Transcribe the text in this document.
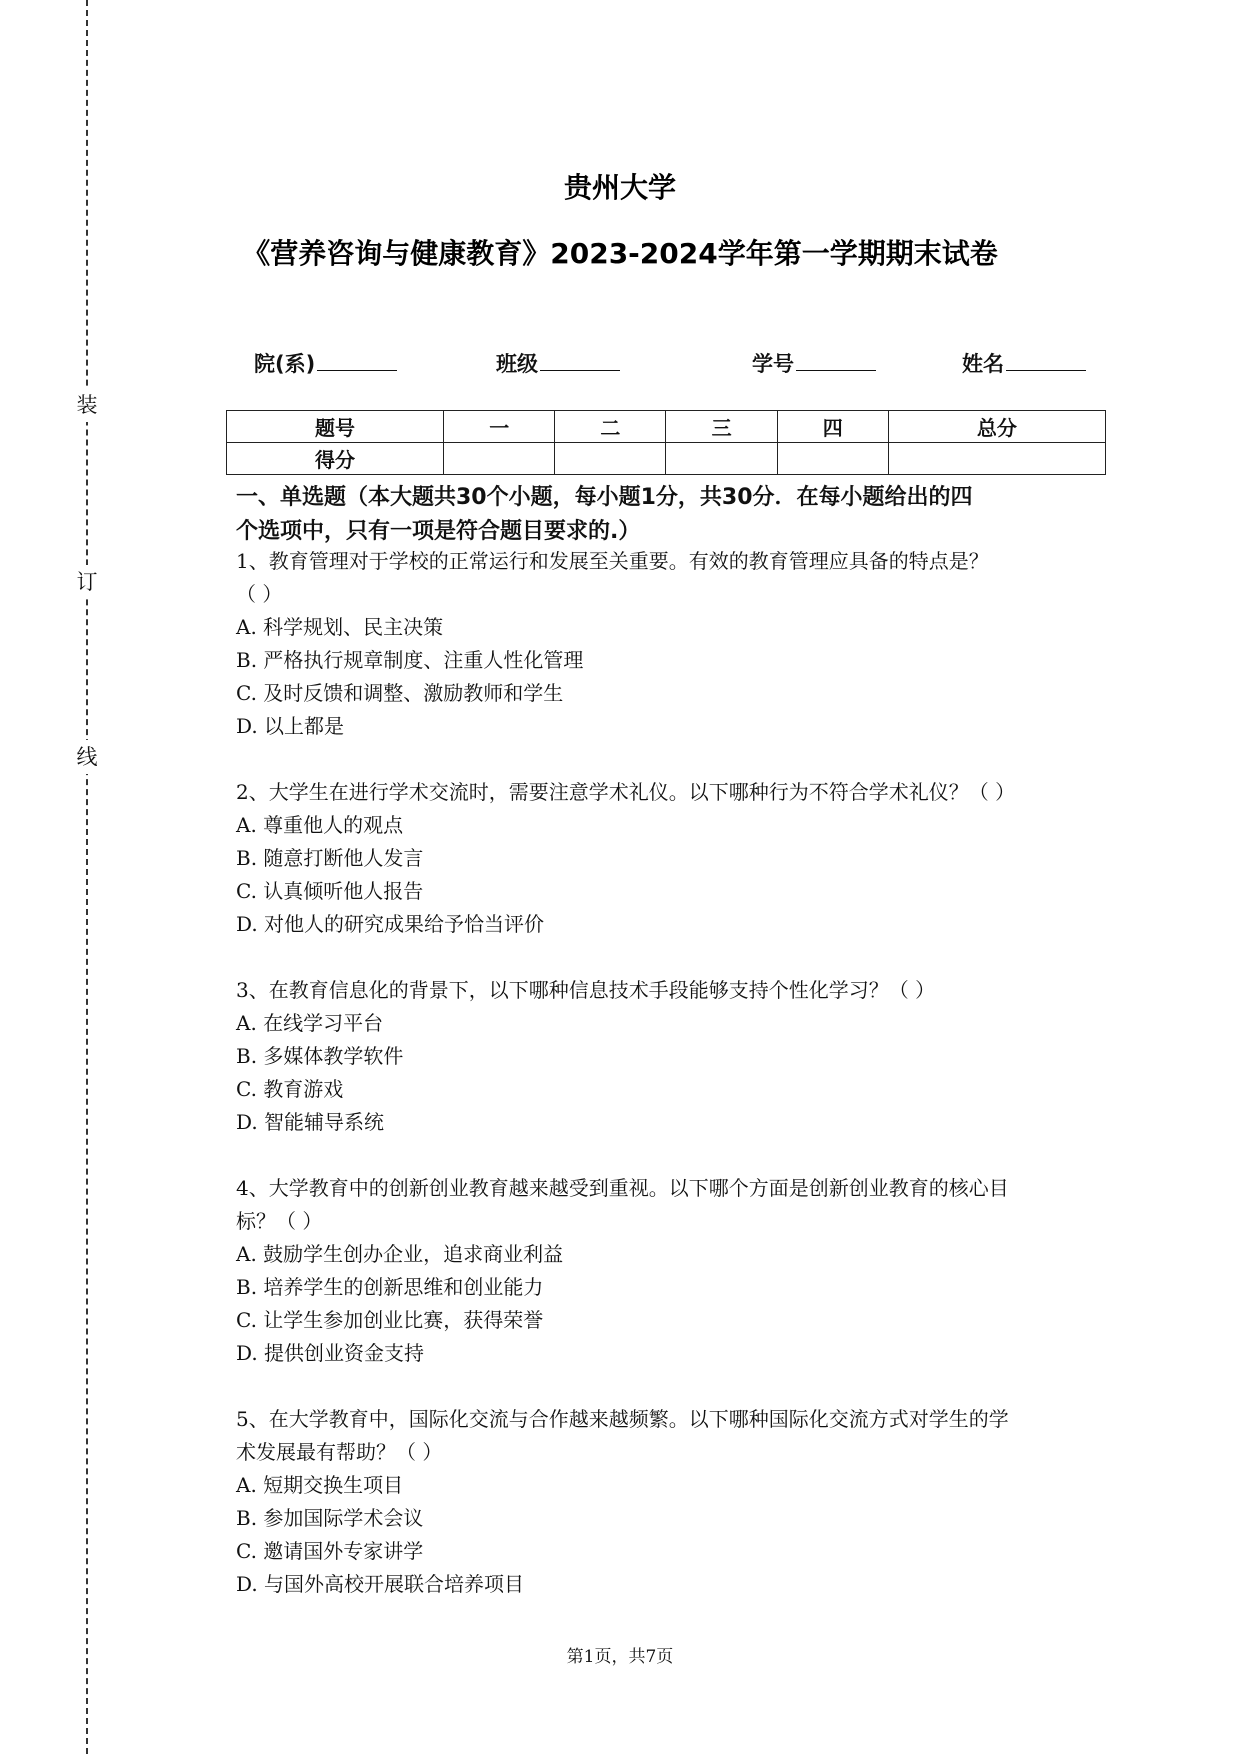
装
订
线
贵州大学
《营养咨询与健康教育》2023-2024学年第一学期期末试卷
院(系)	班级	学号	姓名
题号	一	二	三	四	总分
得分					
一、单选题（本大题共30个小题，每小题1分，共30分．在每小题给出的四
个选项中，只有一项是符合题目要求的.）
1、教育管理对于学校的正常运行和发展至关重要。有效的教育管理应具备的特点是？
（ ）
A. 科学规划、民主决策
B. 严格执行规章制度、注重人性化管理
C. 及时反馈和调整、激励教师和学生
D. 以上都是
2、大学生在进行学术交流时，需要注意学术礼仪。以下哪种行为不符合学术礼仪？（ ）
A. 尊重他人的观点
B. 随意打断他人发言
C. 认真倾听他人报告
D. 对他人的研究成果给予恰当评价
3、在教育信息化的背景下，以下哪种信息技术手段能够支持个性化学习？（ ）
A. 在线学习平台
B. 多媒体教学软件
C. 教育游戏
D. 智能辅导系统
4、大学教育中的创新创业教育越来越受到重视。以下哪个方面是创新创业教育的核心目
标？（ ）
A. 鼓励学生创办企业，追求商业利益
B. 培养学生的创新思维和创业能力
C. 让学生参加创业比赛，获得荣誉
D. 提供创业资金支持
5、在大学教育中，国际化交流与合作越来越频繁。以下哪种国际化交流方式对学生的学
术发展最有帮助？（ ）
A. 短期交换生项目
B. 参加国际学术会议
C. 邀请国外专家讲学
D. 与国外高校开展联合培养项目
第1页，共7页
